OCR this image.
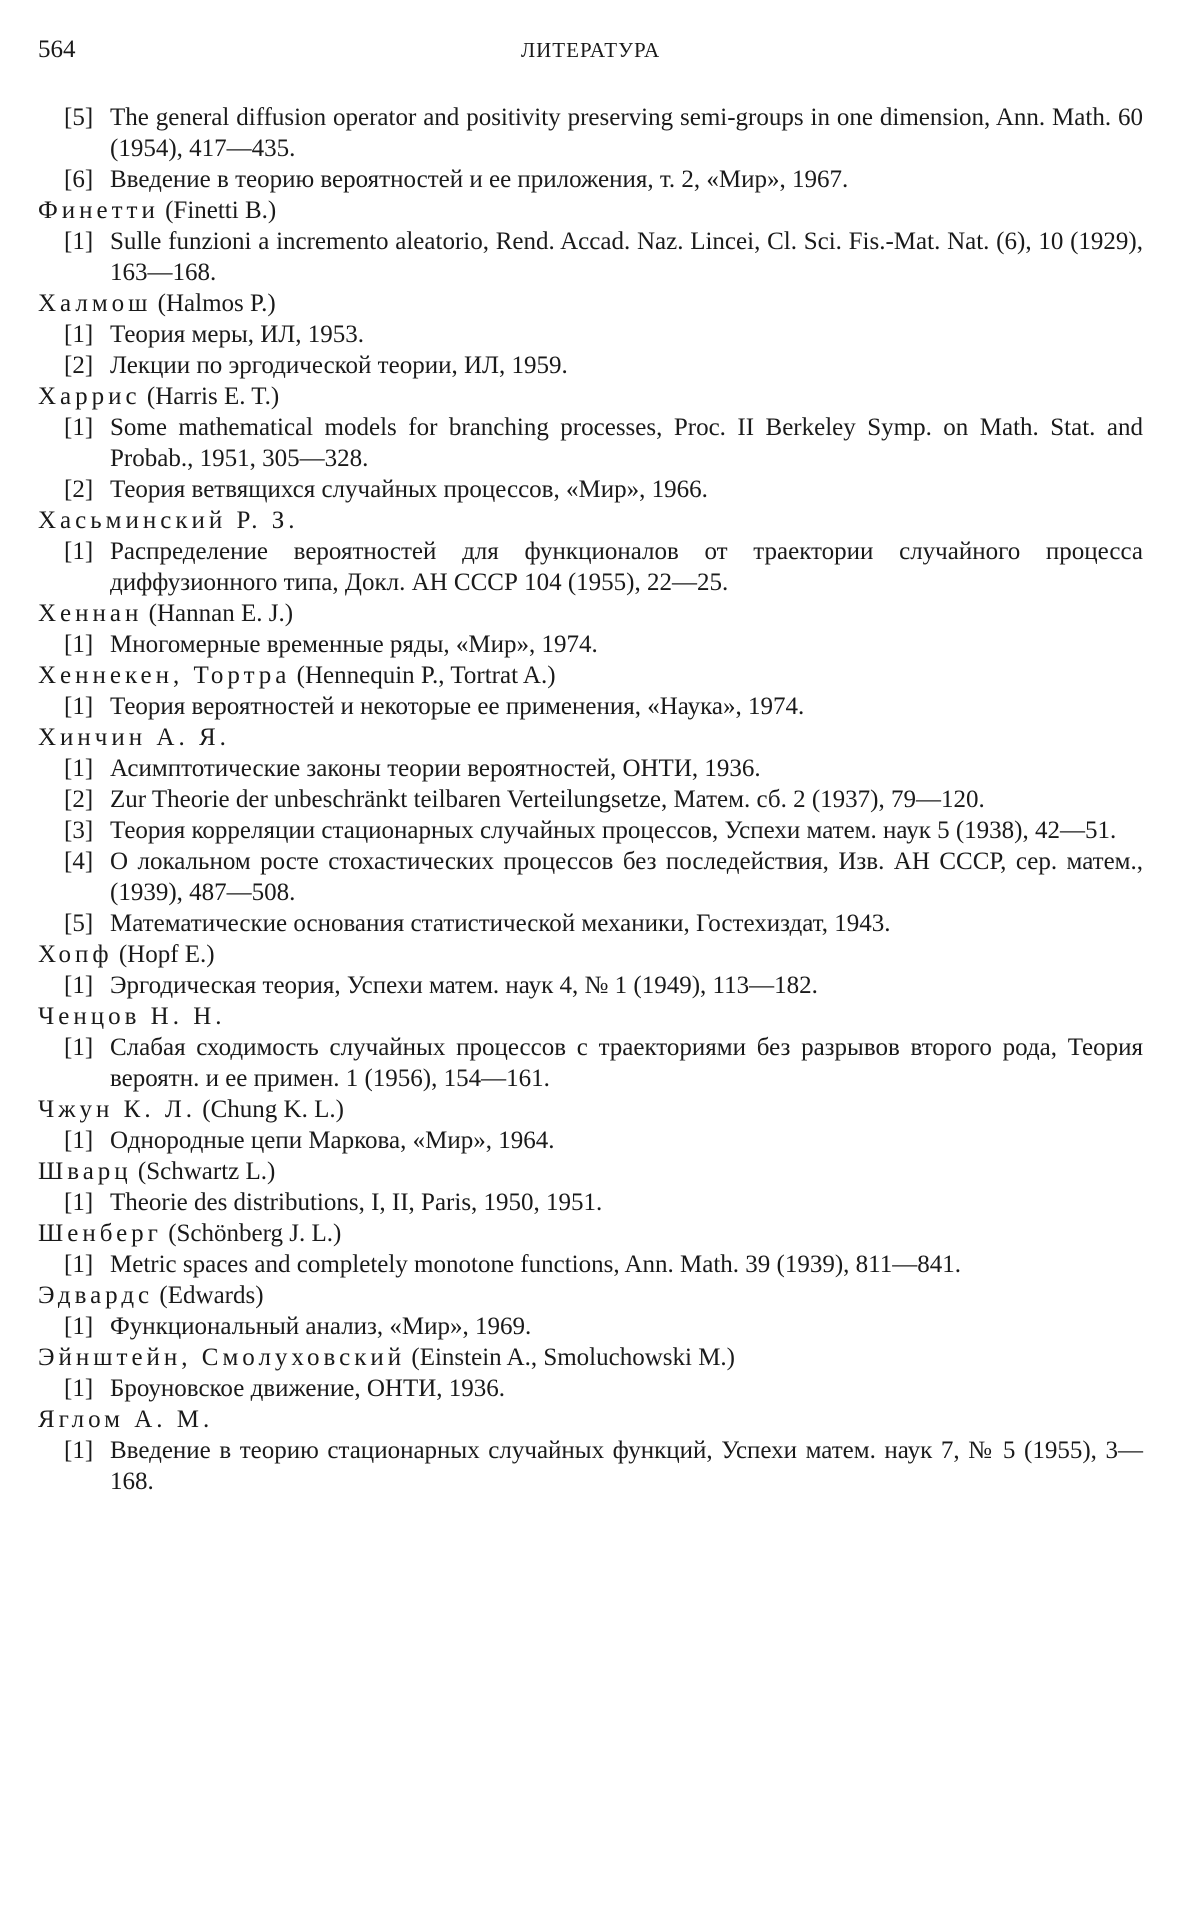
564	ЛИТЕРАТУРА
[5] The general diffusion operator and positivity preserving semi-groups in one dimension, Ann. Math. 60 (1954), 417—435.
[6] Введение в теорию вероятностей и ее приложения, т. 2, «Мир», 1967.
Финетти (Finetti B.)
[1] Sulle funzioni a incremento aleatorio, Rend. Accad. Naz. Lincei, Cl. Sci. Fis.-Mat. Nat. (6), 10 (1929), 163—168.
Халмош (Halmos P.)
[1] Теория меры, ИЛ, 1953.
[2] Лекции по эргодической теории, ИЛ, 1959.
Харрис (Harris E. T.)
[1] Some mathematical models for branching processes, Proc. II Berkeley Symp. on Math. Stat. and Probab., 1951, 305—328.
[2] Теория ветвящихся случайных процессов, «Мир», 1966.
Хасьминский Р. З.
[1] Распределение вероятностей для функционалов от траектории случайного процесса диффузионного типа, Докл. АН СССР 104 (1955), 22—25.
Хеннан (Hannan E. J.)
[1] Многомерные временные ряды, «Мир», 1974.
Хеннекен, Тортра (Hennequin P., Tortrat A.)
[1] Теория вероятностей и некоторые ее применения, «Наука», 1974.
Хинчин А. Я.
[1] Асимптотические законы теории вероятностей, ОНТИ, 1936.
[2] Zur Theorie der unbeschränkt teilbaren Verteilungsetze, Матем. сб. 2 (1937), 79—120.
[3] Теория корреляции стационарных случайных процессов, Успехи матем. наук 5 (1938), 42—51.
[4] О локальном росте стохастических процессов без последействия, Изв. АН СССР, сер. матем., (1939), 487—508.
[5] Математические основания статистической механики, Гостехиздат, 1943.
Хопф (Hopf E.)
[1] Эргодическая теория, Успехи матем. наук 4, № 1 (1949), 113—182.
Ченцов Н. Н.
[1] Слабая сходимость случайных процессов с траекториями без разрывов второго рода, Теория вероятн. и ее примен. 1 (1956), 154—161.
Чжун К. Л. (Chung K. L.)
[1] Однородные цепи Маркова, «Мир», 1964.
Шварц (Schwartz L.)
[1] Theorie des distributions, I, II, Paris, 1950, 1951.
Шенберг (Schönberg J. L.)
[1] Metric spaces and completely monotone functions, Ann. Math. 39 (1939), 811—841.
Эдвардс (Edwards)
[1] Функциональный анализ, «Мир», 1969.
Эйнштейн, Смолуховский (Einstein A., Smoluchowski M.)
[1] Броуновское движение, ОНТИ, 1936.
Яглом А. М.
[1] Введение в теорию стационарных случайных функций, Успехи матем. наук 7, № 5 (1955), 3—168.
